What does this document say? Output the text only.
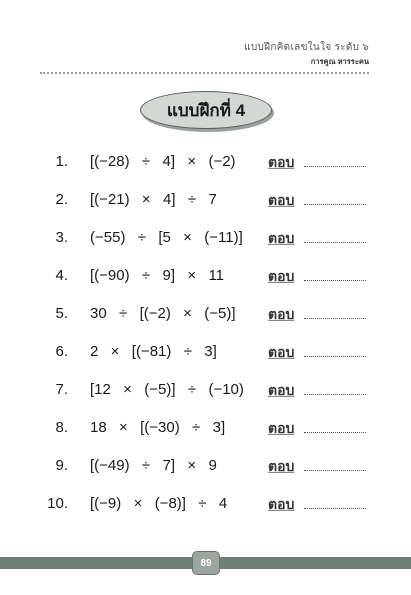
แบบฝึกคิดเลขในใจ ระดับ ๖
การคูณ หารระคน
แบบฝึกที่ 4
1. [(−28)  ÷  4]  ×  (−2) ตอบ
2. [(−21)  ×  4]  ÷  7	ตอบ
3. (−55)  ÷  [5  ×  (−11)] ตอบ
4. [(−90)  ÷  9]  ×  11	ตอบ
5. 30  ÷  [(−2)  ×  (−5)] ตอบ
6. 2  ×  [(−81)  ÷  3]	ตอบ
7. [12  ×  (−5)]  ÷  (−10) ตอบ
8. 18  ×  [(−30)  ÷  3]	ตอบ
9. [(−49)  ÷  7]  ×  9	ตอบ
10. [(−9)  ×  (−8)]  ÷  4	ตอบ
89
